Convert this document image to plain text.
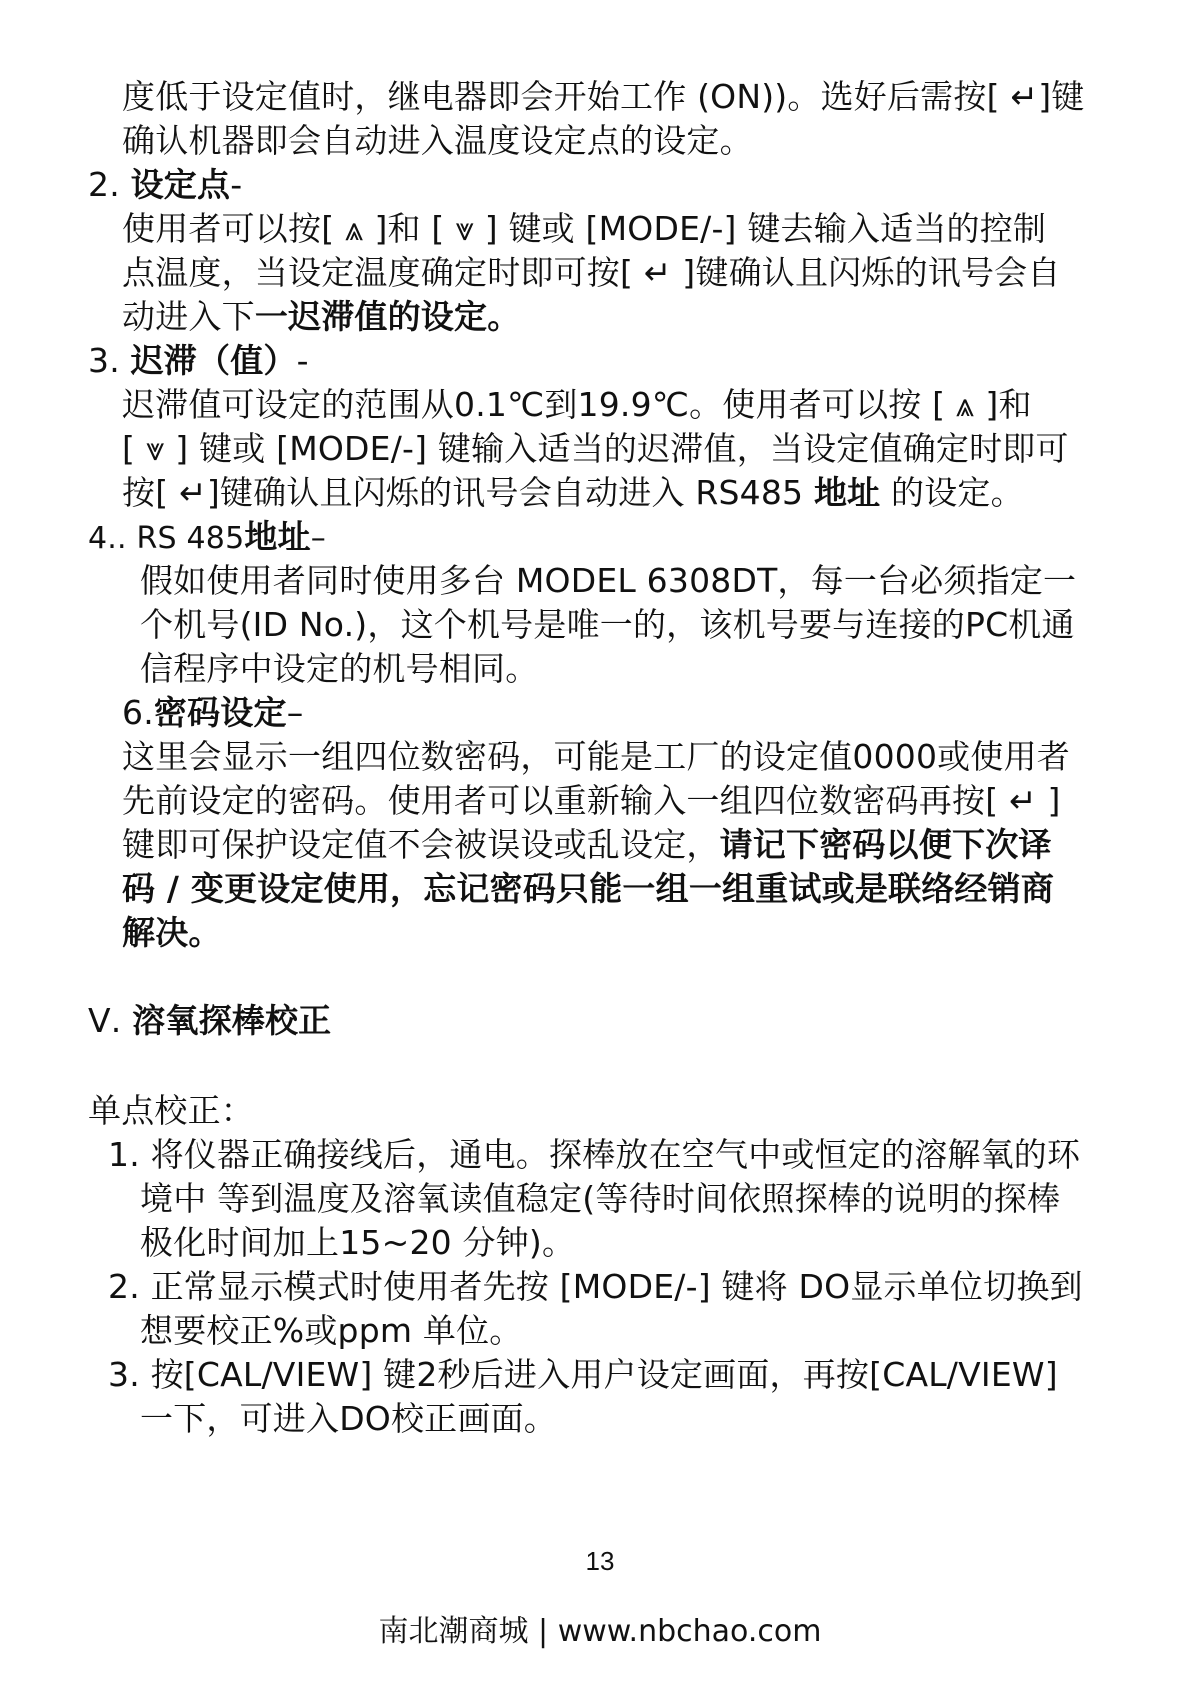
度低于设定值时，继电器即会开始工作 (ON))。选好后需按[ ↵]键
确认机器即会自动进入温度设定点的设定。
2. 设定点-
使用者可以按[ ⩓ ]和 [ ⩔ ] 键或 [MODE/-] 键去输入适当的控制
点温度，当设定温度确定时即可按[ ↵ ]键确认且闪烁的讯号会自
动进入下一迟滞值的设定。
3. 迟滞（值）-
迟滞值可设定的范围从0.1℃到19.9℃。使用者可以按 [ ⩓ ]和
[ ⩔ ] 键或 [MODE/-] 键输入适当的迟滞值，当设定值确定时即可
按[ ↵]键确认且闪烁的讯号会自动进入 RS485 地址 的设定。
4.. RS 485地址–
假如使用者同时使用多台 MODEL 6308DT，每一台必须指定一
个机号(ID No.)，这个机号是唯一的，该机号要与连接的PC机通
信程序中设定的机号相同。
6.密码设定–
这里会显示一组四位数密码，可能是工厂的设定值0000或使用者
先前设定的密码。使用者可以重新输入一组四位数密码再按[ ↵ ]
键即可保护设定值不会被误设或乱设定，请记下密码以便下次译
码 / 变更设定使用，忘记密码只能一组一组重试或是联络经销商
解决。
Ⅴ. 溶氧探棒校正
单点校正：
1. 将仪器正确接线后，通电。探棒放在空气中或恒定的溶解氧的环
境中 等到温度及溶氧读值稳定(等待时间依照探棒的说明的探棒
极化时间加上15~20 分钟)。
2. 正常显示模式时使用者先按 [MODE/-] 键将 DO显示单位切换到
想要校正%或ppm 单位。
3. 按[CAL/VIEW] 键2秒后进入用户设定画面，再按[CAL/VIEW]
一下，可进入DO校正画面。
13
南北潮商城 | www.nbchao.com
